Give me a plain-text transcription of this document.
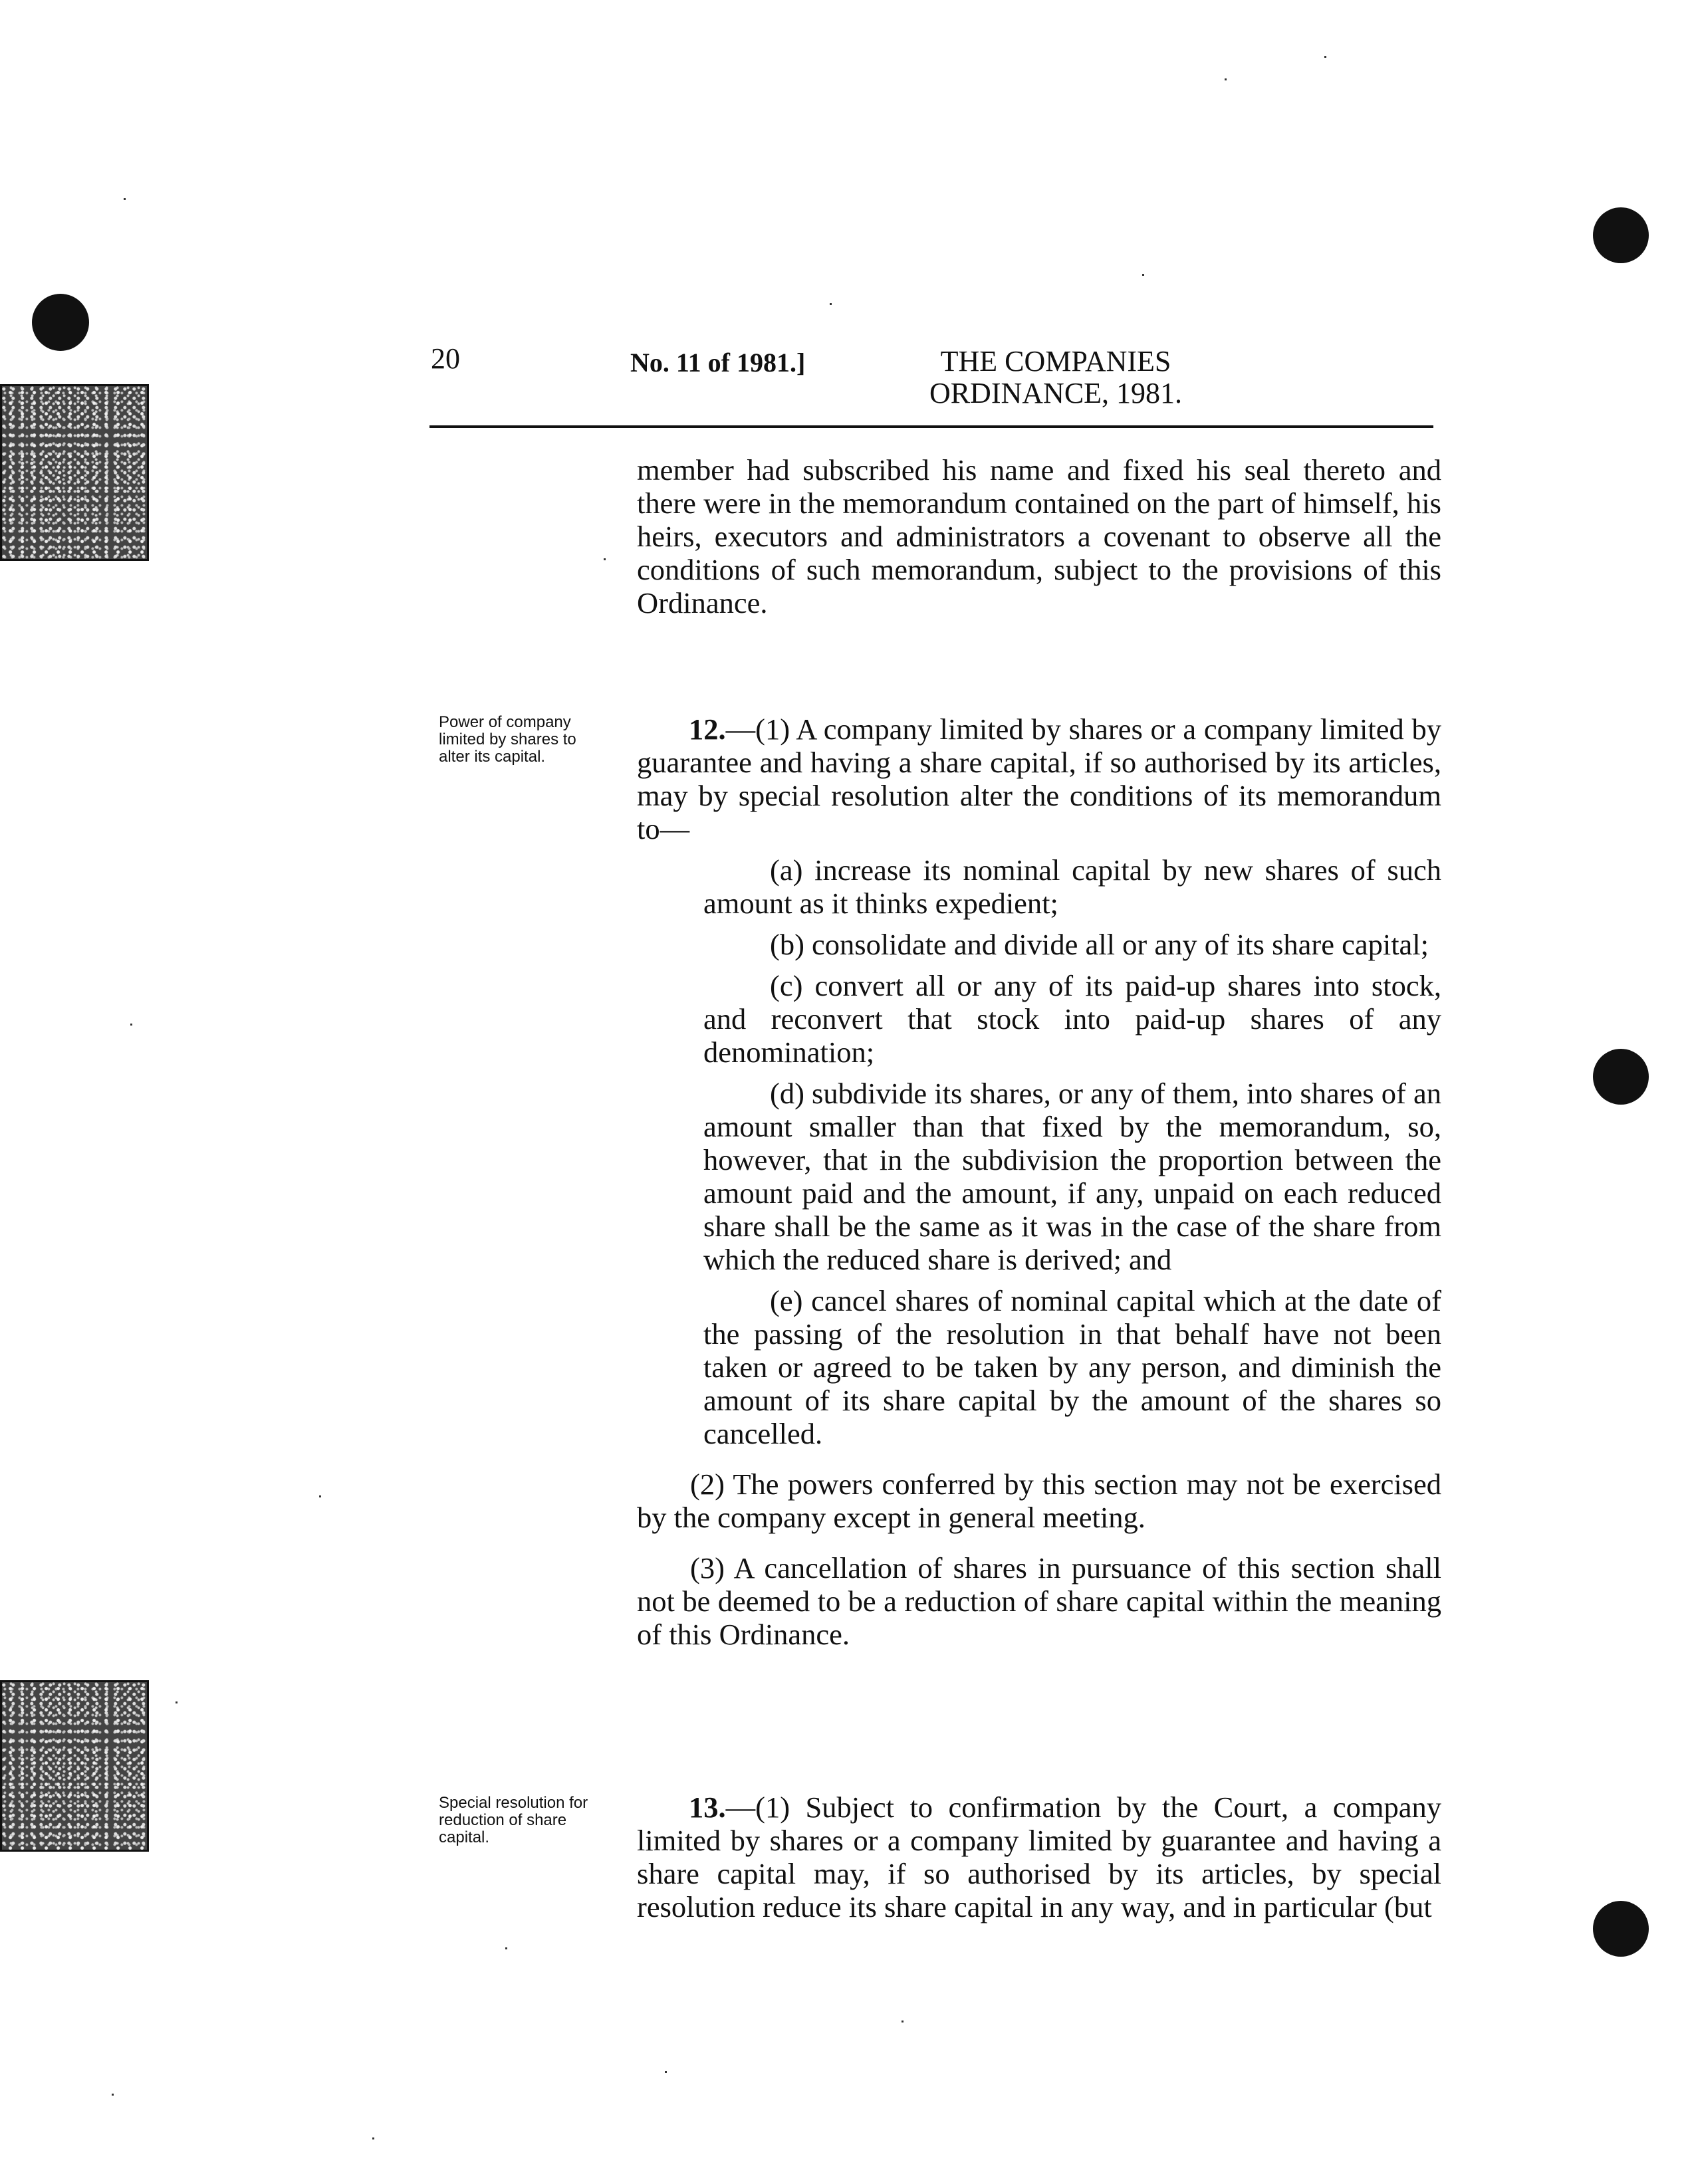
20	No. 11 of 1981.]	THE COMPANIES
ORDINANCE, 1981.

member had subscribed his name and fixed his seal thereto and there were in the memorandum contained on the part of himself, his heirs, executors and administrators a covenant to observe all the conditions of such memorandum, subject to the provisions of this Ordinance.

Power of company limited by shares to alter its capital.

12.—(1) A company limited by shares or a company limited by guarantee and having a share capital, if so authorised by its articles, may by special resolution alter the conditions of its memorandum to—

(a) increase its nominal capital by new shares of such amount as it thinks expedient;

(b) consolidate and divide all or any of its share capital;

(c) convert all or any of its paid-up shares into stock, and reconvert that stock into paid-up shares of any denomination;

(d) subdivide its shares, or any of them, into shares of an amount smaller than that fixed by the memorandum, so, however, that in the subdivision the proportion between the amount paid and the amount, if any, unpaid on each reduced share shall be the same as it was in the case of the share from which the reduced share is derived; and

(e) cancel shares of nominal capital which at the date of the passing of the resolution in that behalf have not been taken or agreed to be taken by any person, and diminish the amount of its share capital by the amount of the shares so cancelled.

(2) The powers conferred by this section may not be exercised by the company except in general meeting.

(3) A cancellation of shares in pursuance of this section shall not be deemed to be a reduction of share capital within the meaning of this Ordinance.

Special resolution for reduction of share capital.

13.—(1) Subject to confirmation by the Court, a company limited by shares or a company limited by guarantee and having a share capital may, if so authorised by its articles, by special resolution reduce its share capital in any way, and in particular (but
